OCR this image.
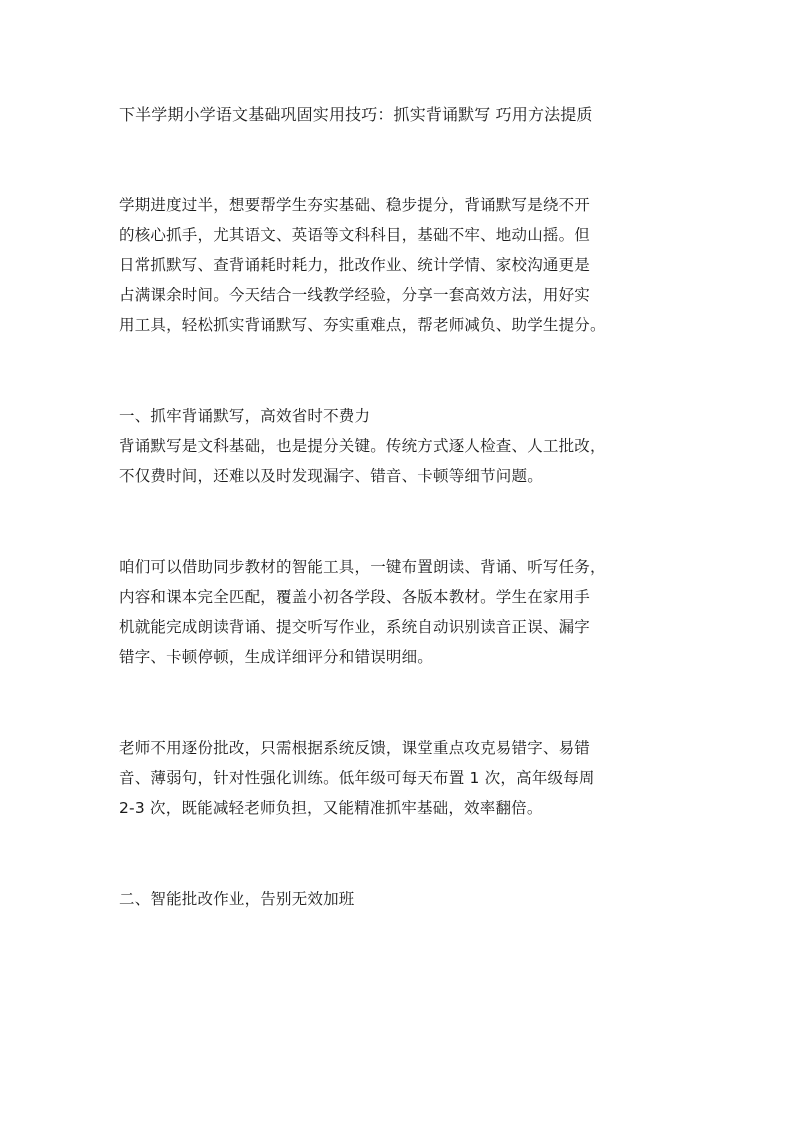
下半学期小学语文基础巩固实用技巧：抓实背诵默写 巧用方法提质
学期进度过半，想要帮学生夯实基础、稳步提分，背诵默写是绕不开
的核心抓手，尤其语文、英语等文科科目，基础不牢、地动山摇。但
日常抓默写、查背诵耗时耗力，批改作业、统计学情、家校沟通更是
占满课余时间。今天结合一线教学经验，分享一套高效方法，用好实
用工具，轻松抓实背诵默写、夯实重难点，帮老师减负、助学生提分。
一、抓牢背诵默写，高效省时不费力
背诵默写是文科基础，也是提分关键。传统方式逐人检查、人工批改，
不仅费时间，还难以及时发现漏字、错音、卡顿等细节问题。
咱们可以借助同步教材的智能工具，一键布置朗读、背诵、听写任务，
内容和课本完全匹配，覆盖小初各学段、各版本教材。学生在家用手
机就能完成朗读背诵、提交听写作业，系统自动识别读音正误、漏字
错字、卡顿停顿，生成详细评分和错误明细。
老师不用逐份批改，只需根据系统反馈，课堂重点攻克易错字、易错
音、薄弱句，针对性强化训练。低年级可每天布置 1 次，高年级每周
2-3 次，既能减轻老师负担，又能精准抓牢基础，效率翻倍。
二、智能批改作业，告别无效加班
